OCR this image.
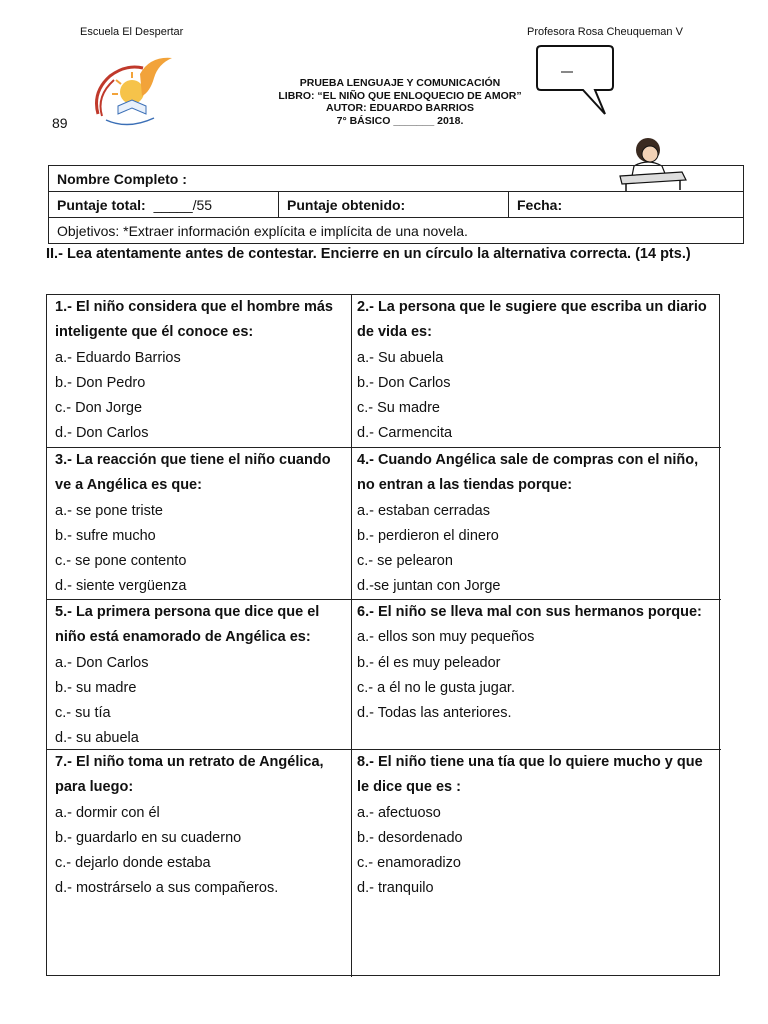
Escuela El Despertar	Profesora Rosa Cheuqueman V
PRUEBA LENGUAJE Y COMUNICACIÓN
LIBRO: “EL NIÑO QUE ENLOQUECIO DE AMOR”
AUTOR: EDUARDO BARRIOS
7° BÁSICO _______ 2018.
89
Nombre Completo :
Puntaje total: _____/55	Puntaje obtenido:	Fecha:
Objetivos: *Extraer información explícita e implícita de una novela.
II.- Lea atentamente antes de contestar. Encierre en un círculo la alternativa correcta. (14 pts.)
1.- El niño considera que el hombre más inteligente que él conoce es:
a.- Eduardo Barrios
b.- Don Pedro
c.- Don Jorge
d.- Don Carlos
2.- La persona que le sugiere que escriba un diario de vida es:
a.- Su abuela
b.- Don Carlos
c.- Su madre
d.- Carmencita
3.- La reacción que tiene el niño cuando ve a Angélica es que:
a.- se pone triste
b.- sufre mucho
c.- se pone contento
d.- siente vergüenza
4.- Cuando Angélica sale de compras con el niño, no entran a las tiendas porque:
a.- estaban cerradas
b.- perdieron el dinero
c.- se pelearon
d.-se juntan con Jorge
5.- La primera persona que dice que el niño está enamorado de Angélica es:
a.- Don Carlos
b.- su madre
c.- su tía
d.- su abuela
6.- El niño se lleva mal con sus hermanos porque:
a.- ellos son muy pequeños
b.- él es muy peleador
c.- a él no le gusta jugar.
d.- Todas las anteriores.
7.- El niño toma un retrato de Angélica, para luego:
a.- dormir con él
b.- guardarlo en su cuaderno
c.- dejarlo donde estaba
d.- mostrárselo a sus compañeros.
8.- El niño tiene una tía que lo quiere mucho y que le dice que es :
a.- afectuoso
b.- desordenado
c.- enamoradizo
d.- tranquilo
